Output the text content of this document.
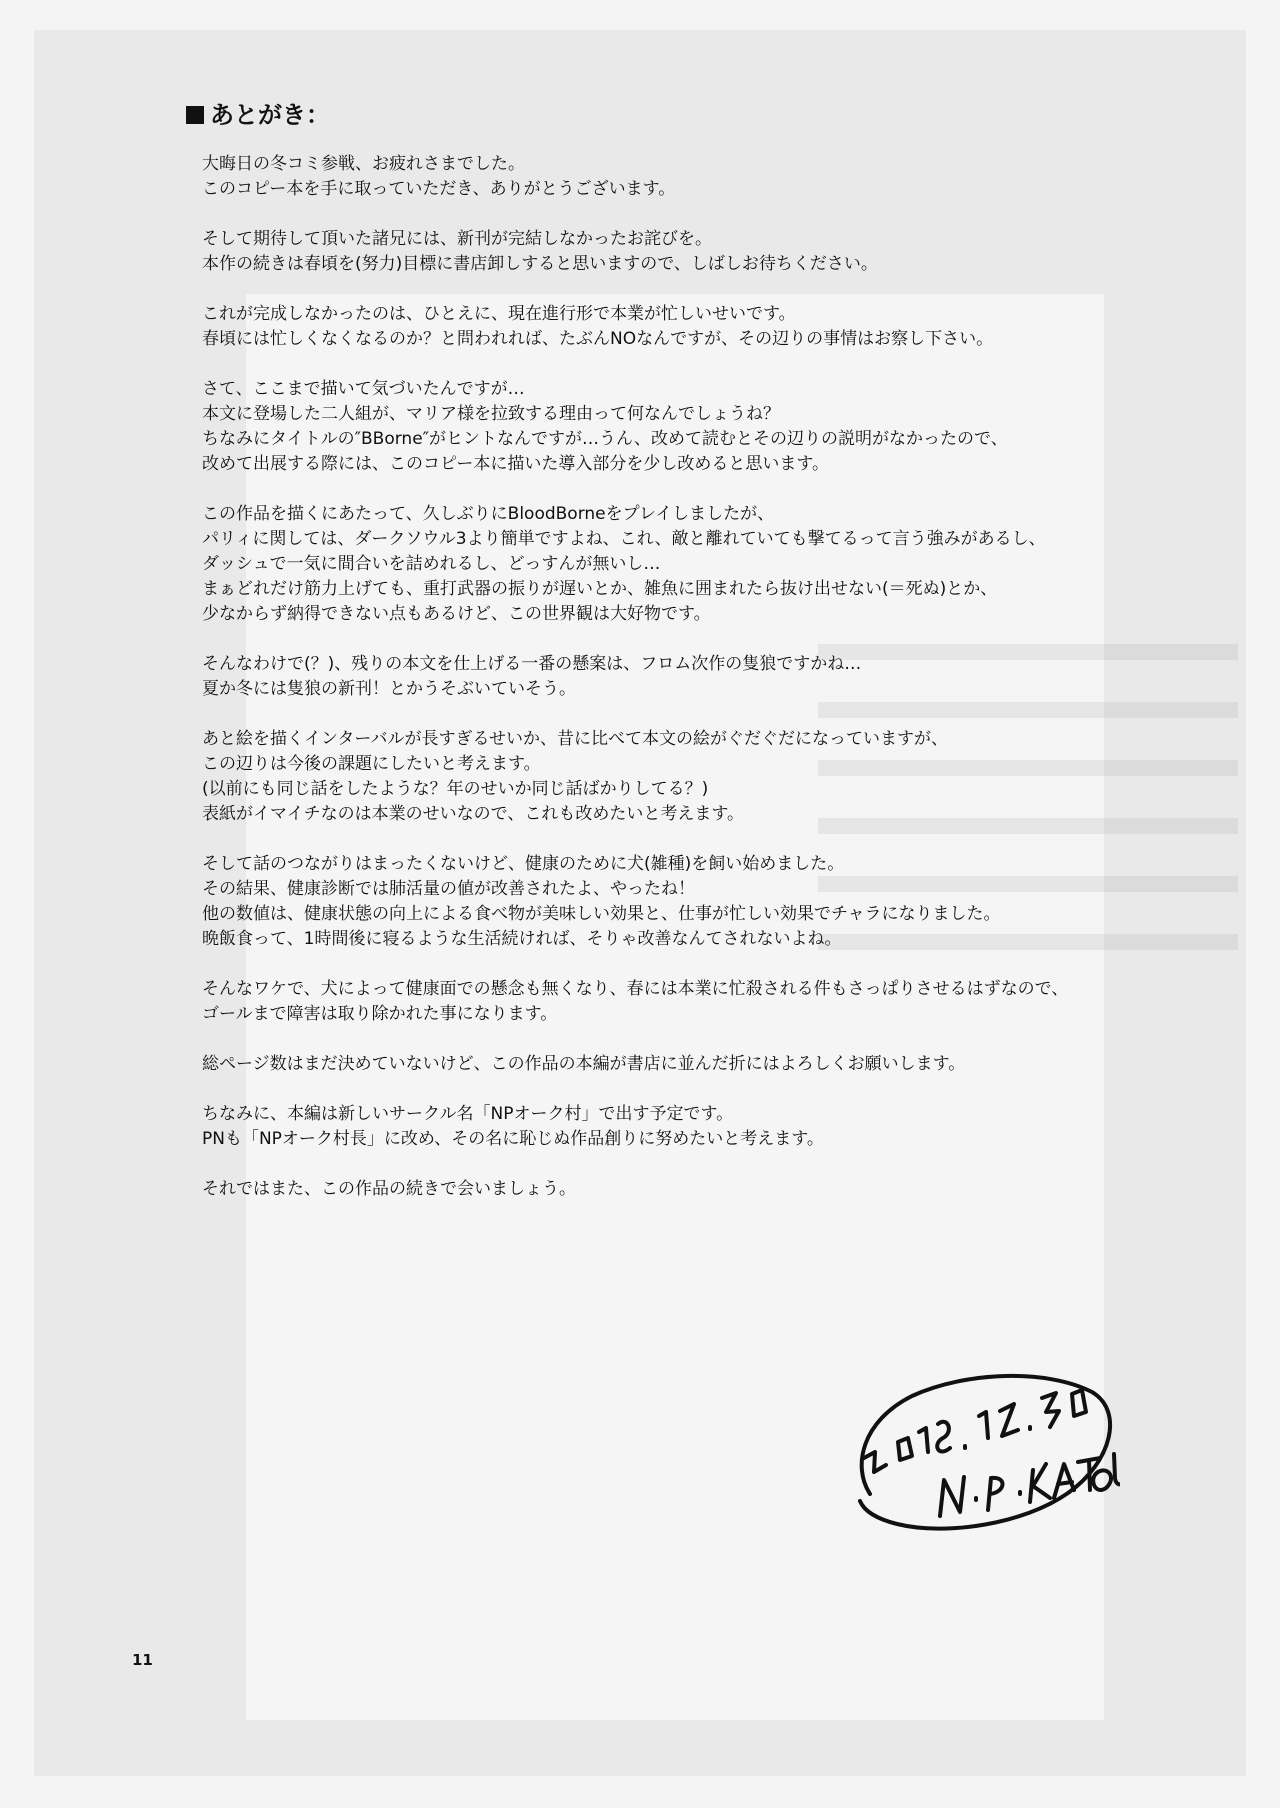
あとがき：
大晦日の冬コミ参戦、お疲れさまでした。
このコピー本を手に取っていただき、ありがとうございます。
そして期待して頂いた諸兄には、新刊が完結しなかったお詫びを。
本作の続きは春頃を(努力)目標に書店卸しすると思いますので、しばしお待ちください。
これが完成しなかったのは、ひとえに、現在進行形で本業が忙しいせいです。
春頃には忙しくなくなるのか？と問われれば、たぶんNOなんですが、その辺りの事情はお察し下さい。
さて、ここまで描いて気づいたんですが…
本文に登場した二人組が、マリア様を拉致する理由って何なんでしょうね？
ちなみにタイトルの″BBorne″がヒントなんですが…うん、改めて読むとその辺りの説明がなかったので、
改めて出展する際には、このコピー本に描いた導入部分を少し改めると思います。
この作品を描くにあたって、久しぶりにBloodBorneをプレイしましたが、
パリィに関しては、ダークソウル3より簡単ですよね、これ、敵と離れていても撃てるって言う強みがあるし、
ダッシュで一気に間合いを詰めれるし、どっすんが無いし…
まぁどれだけ筋力上げても、重打武器の振りが遅いとか、雑魚に囲まれたら抜け出せない(＝死ぬ)とか、
少なからず納得できない点もあるけど、この世界観は大好物です。
そんなわけで(？)、残りの本文を仕上げる一番の懸案は、フロム次作の隻狼ですかね…
夏か冬には隻狼の新刊！とかうそぶいていそう。
あと絵を描くインターバルが長すぎるせいか、昔に比べて本文の絵がぐだぐだになっていますが、
この辺りは今後の課題にしたいと考えます。
(以前にも同じ話をしたような？年のせいか同じ話ばかりしてる？)
表紙がイマイチなのは本業のせいなので、これも改めたいと考えます。
そして話のつながりはまったくないけど、健康のために犬(雑種)を飼い始めました。
その結果、健康診断では肺活量の値が改善されたよ、やったね！
他の数値は、健康状態の向上による食べ物が美味しい効果と、仕事が忙しい効果でチャラになりました。
晩飯食って、1時間後に寝るような生活続ければ、そりゃ改善なんてされないよね。
そんなワケで、犬によって健康面での懸念も無くなり、春には本業に忙殺される件もさっぱりさせるはずなので、
ゴールまで障害は取り除かれた事になります。
総ページ数はまだ決めていないけど、この作品の本編が書店に並んだ折にはよろしくお願いします。
ちなみに、本編は新しいサークル名「NPオーク村」で出す予定です。
PNも「NPオーク村長」に改め、その名に恥じぬ作品創りに努めたいと考えます。
それではまた、この作品の続きで会いましょう。
11
